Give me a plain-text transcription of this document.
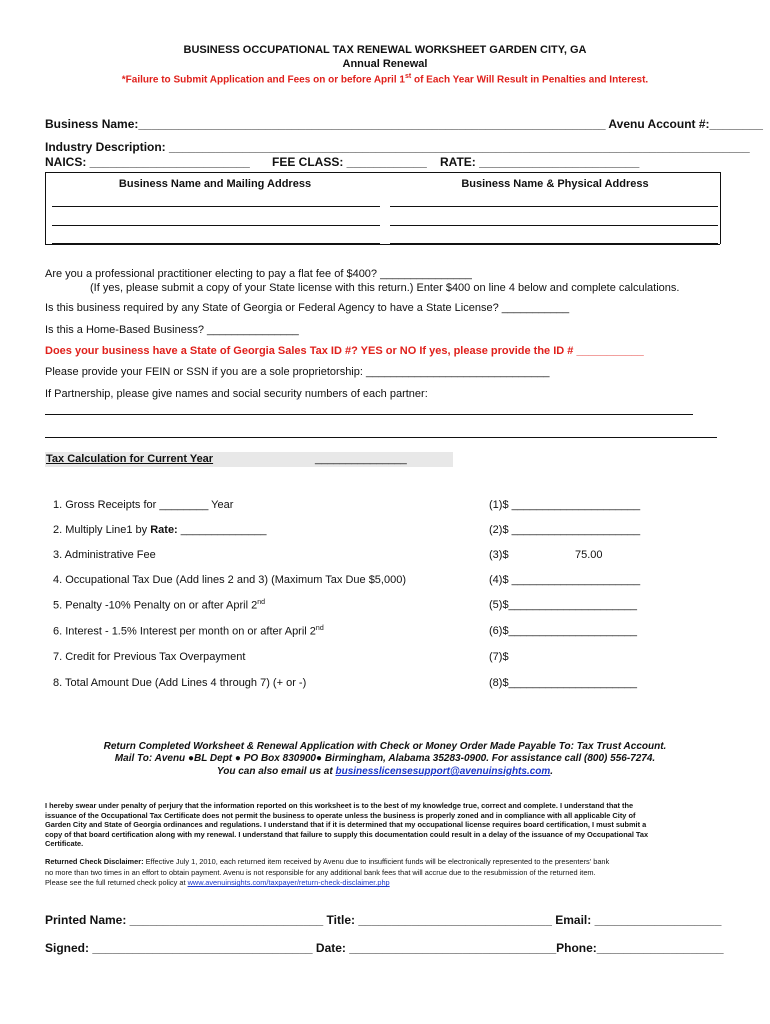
BUSINESS OCCUPATIONAL TAX RENEWAL WORKSHEET GARDEN CITY, GA
Annual Renewal
*Failure to Submit Application and Fees on or before April 1st of Each Year Will Result in Penalties and Interest.
Business Name:______________________________________________________________________ Avenu Account #:________
Industry Description: _______________________________________________________________________________________
NAICS: ________________________ FEE CLASS: ____________ RATE: ________________________
Business Name and Mailing Address	Business Name & Physical Address
Are you a professional practitioner electing to pay a flat fee of $400? _______________
(If yes, please submit a copy of your State license with this return.) Enter $400 on line 4 below and complete calculations.
Is this business required by any State of Georgia or Federal Agency to have a State License? ___________
Is this a Home-Based Business? _______________
Does your business have a State of Georgia Sales Tax ID #? YES or NO If yes, please provide the ID # ___________
Please provide your FEIN or SSN if you are a sole proprietorship: ______________________________
If Partnership, please give names and social security numbers of each partner:
Tax Calculation for Current Year	_______________
1. Gross Receipts for ________ Year	(1)$ _____________________
2. Multiply Line1 by Rate: ______________	(2)$ _____________________
3. Administrative Fee	(3)$	75.00
4. Occupational Tax Due (Add lines 2 and 3) (Maximum Tax Due $5,000)	(4)$ _____________________
5. Penalty -10% Penalty on or after April 2nd	(5)$_____________________
6. Interest - 1.5% Interest per month on or after April 2nd	(6)$_____________________
7. Credit for Previous Tax Overpayment	(7)$
8. Total Amount Due (Add Lines 4 through 7) (+ or -)	(8)$_____________________
Return Completed Worksheet & Renewal Application with Check or Money Order Made Payable To: Tax Trust Account.
Mail To: Avenu ●BL Dept ● PO Box 830900● Birmingham, Alabama 35283-0900. For assistance call (800) 556-7274.
You can also email us at businesslicensesupport@avenuinsights.com.
I hereby swear under penalty of perjury that the information reported on this worksheet is to the best of my knowledge true, correct and complete. I understand that the
issuance of the Occupational Tax Certificate does not permit the business to operate unless the business is properly zoned and in compliance with all applicable City of
Garden City and State of Georgia ordinances and regulations. I understand that if it is determined that my occupational license requires board certification, I must submit a
copy of that board certification along with my renewal. I understand that failure to supply this documentation could result in a delay of the issuance of my Occupational Tax
Certificate.
Returned Check Disclaimer: Effective July 1, 2010, each returned item received by Avenu due to insufficient funds will be electronically represented to the presenters' bank
no more than two times in an effort to obtain payment. Avenu is not responsible for any additional bank fees that will accrue due to the resubmission of the returned item.
Please see the full returned check policy at www.avenuinsights.com/taxpayer/return-check-disclaimer.php
Printed Name: _____________________________ Title: _____________________________ Email: ___________________
Signed: _________________________________ Date: _______________________________Phone:___________________
